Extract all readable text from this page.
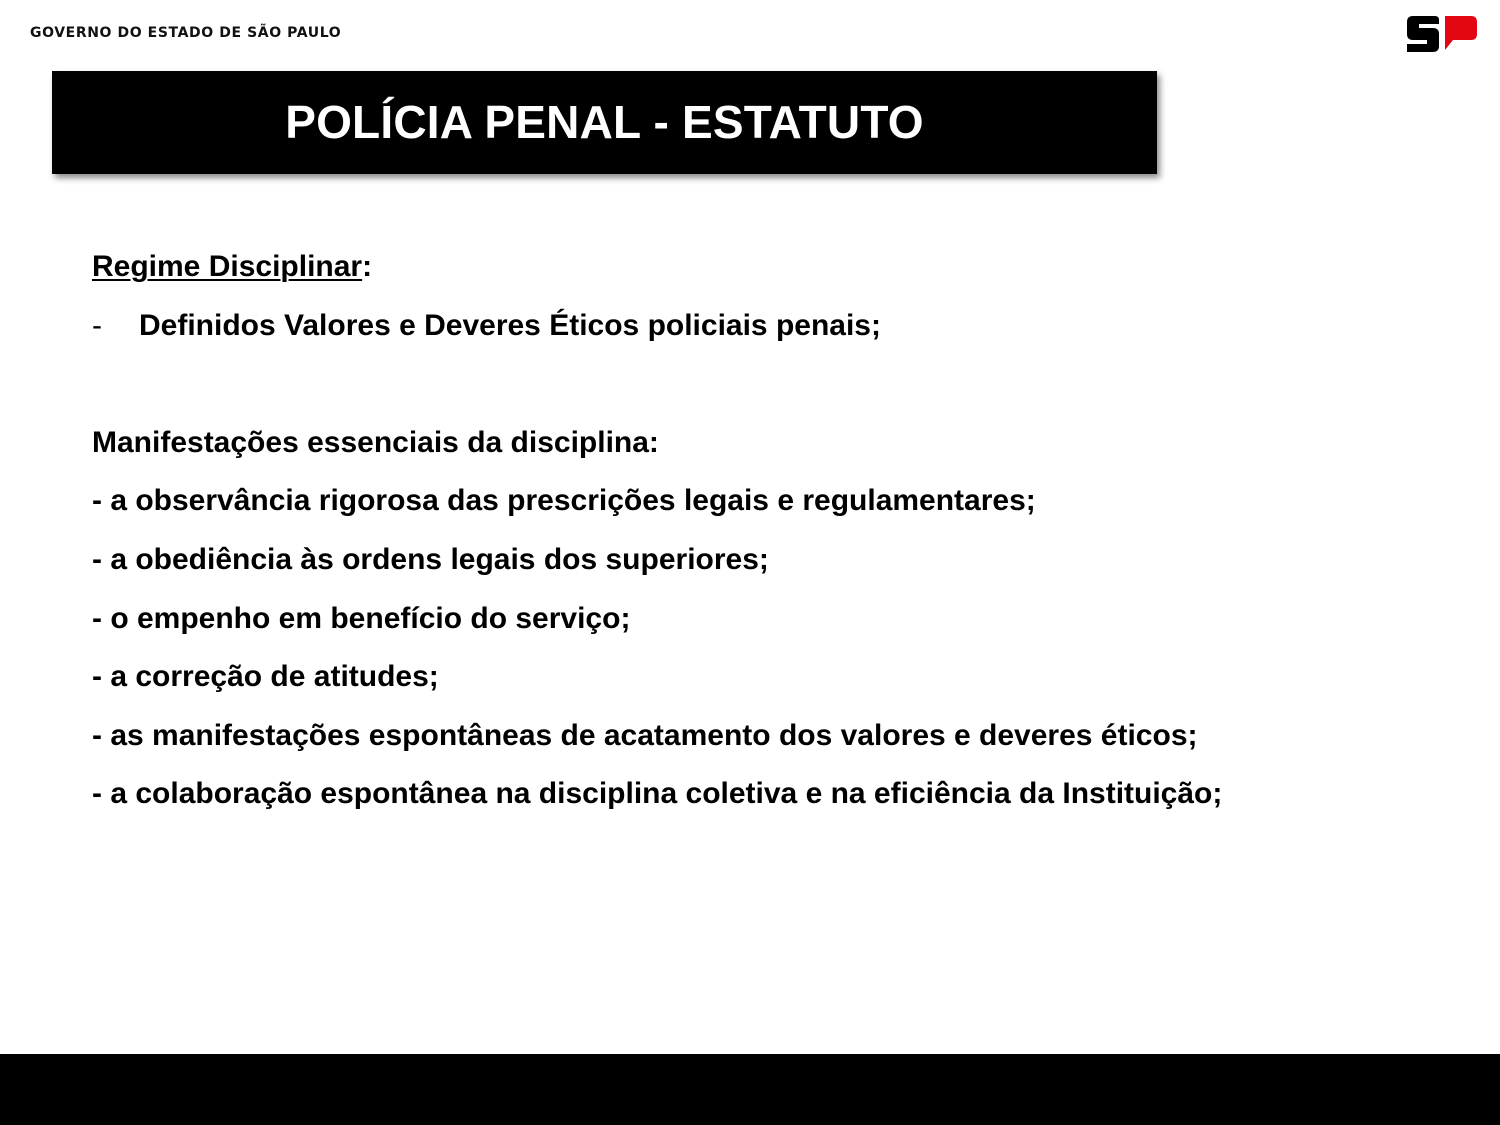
GOVERNO DO ESTADO DE SÃO PAULO
POLÍCIA PENAL - ESTATUTO
Regime Disciplinar:
- Definidos Valores e Deveres Éticos policiais penais;
Manifestações essenciais da disciplina:
- a observância rigorosa das prescrições legais e regulamentares;
- a obediência às ordens legais dos superiores;
- o empenho em benefício do serviço;
- a correção de atitudes;
- as manifestações espontâneas de acatamento dos valores e deveres éticos;
- a colaboração espontânea na disciplina coletiva e na eficiência da Instituição;
